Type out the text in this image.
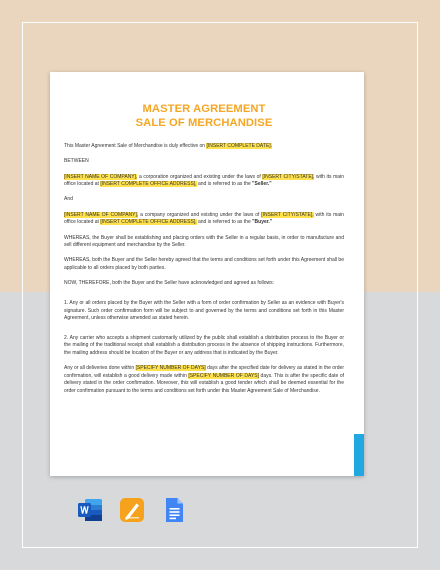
MASTER AGREEMENT
SALE OF MERCHANDISE

This Master Agreement Sale of Merchandise is duly effective on [INSERT COMPLETE DATE].

BETWEEN

[INSERT NAME OF COMPANY], a corporation organized and existing under the laws of [INSERT CITY/STATE], with its main office located at [INSERT COMPLETE OFFICE ADDRESS], and is referred to as the "Seller."

And

[INSERT NAME OF COMPANY], a company organized and existing under the laws of [INSERT CITY/STATE], with its main office located at [INSERT COMPLETE OFFICE ADDRESS], and is referred to as the "Buyer."

WHEREAS, the Buyer shall be establishing and placing orders with the Seller in a regular basis, in order to manufacture and sell different equipment and merchandise by the Seller.

WHEREAS, both the Buyer and the Seller hereby agreed that the terms and conditions set forth under this Agreement shall be applicable to all orders placed by both parties.

NOW, THEREFORE, both the Buyer and the Seller have acknowledged and agreed as follows:

1. Any or all orders placed by the Buyer with the Seller with a form of order confirmation by Seller as an evidence with Buyer's signature. Such order confirmation form will be subject to and governed by the terms and conditions set forth in this Master Agreement, unless otherwise amended as stated herein.

2. Any carrier who accepts a shipment customarily utilized by the public shall establish a distribution process to the Buyer or the mailing of the traditional receipt shall establish a distribution process in the absence of shipping instructions. Furthermore, the mailing address should be location of the Buyer or any address that is indicated by the Buyer.

Any or all deliveries done within [SPECIFY NUMBER OF DAYS] days after the specified date for delivery as stated in the order confirmation, will establish a good delivery made within [SPECIFY NUMBER OF DAYS] days. This is after the specific date of delivery stated in the order confirmation. Moreover, this will establish a good tender which shall be deemed essential for the order confirmation pursuant to the terms and conditions set forth under this Master Agreement Sale of Merchandise.
